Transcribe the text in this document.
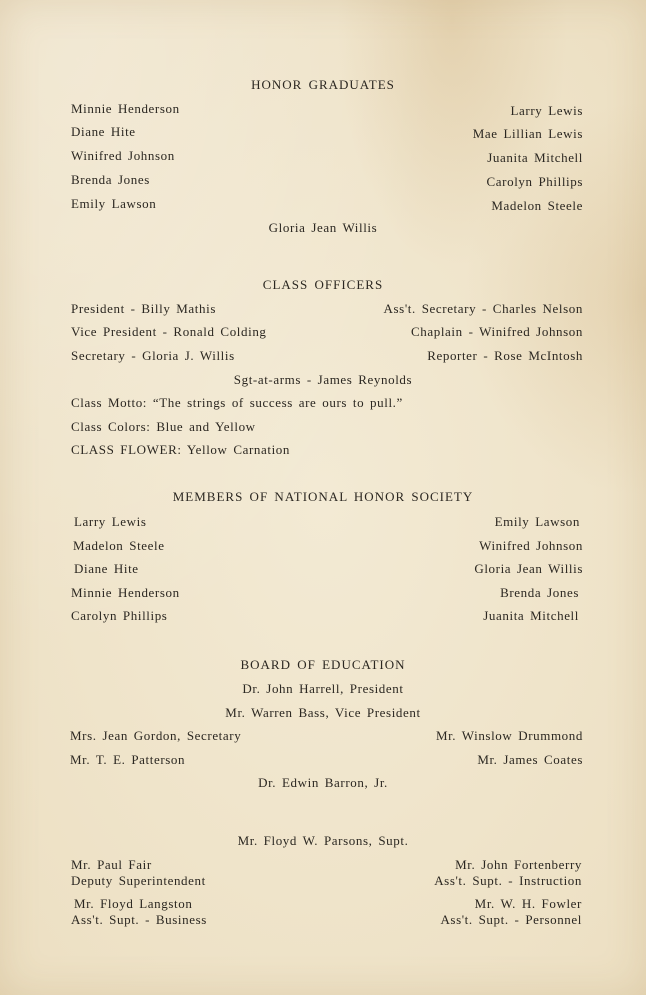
HONOR GRADUATES
Minnie Henderson
Diane Hite
Winifred Johnson
Brenda Jones
Emily Lawson
Larry Lewis
Mae Lillian Lewis
Juanita Mitchell
Carolyn Phillips
Madelon Steele
Gloria Jean Willis
CLASS OFFICERS
President - Billy Mathis
Vice President - Ronald Colding
Secretary - Gloria J. Willis
Ass't. Secretary - Charles Nelson
Chaplain - Winifred Johnson
Reporter - Rose McIntosh
Sgt-at-arms - James Reynolds
Class Motto: “The strings of success are ours to pull.”
Class Colors: Blue and Yellow
CLASS FLOWER: Yellow Carnation
MEMBERS OF NATIONAL HONOR SOCIETY
Larry Lewis
Madelon Steele
Diane Hite
Minnie Henderson
Carolyn Phillips
Emily Lawson
Winifred Johnson
Gloria Jean Willis
Brenda Jones
Juanita Mitchell
BOARD OF EDUCATION
Dr. John Harrell, President
Mr. Warren Bass, Vice President
Mrs. Jean Gordon, Secretary	Mr. Winslow Drummond
Mr. T. E. Patterson	Mr. James Coates
Dr. Edwin Barron, Jr.
Mr. Floyd W. Parsons, Supt.
Mr. Paul Fair
Deputy Superintendent
Mr. John Fortenberry
Ass't. Supt. - Instruction
Mr. Floyd Langston
Ass't. Supt. - Business
Mr. W. H. Fowler
Ass't. Supt. - Personnel
